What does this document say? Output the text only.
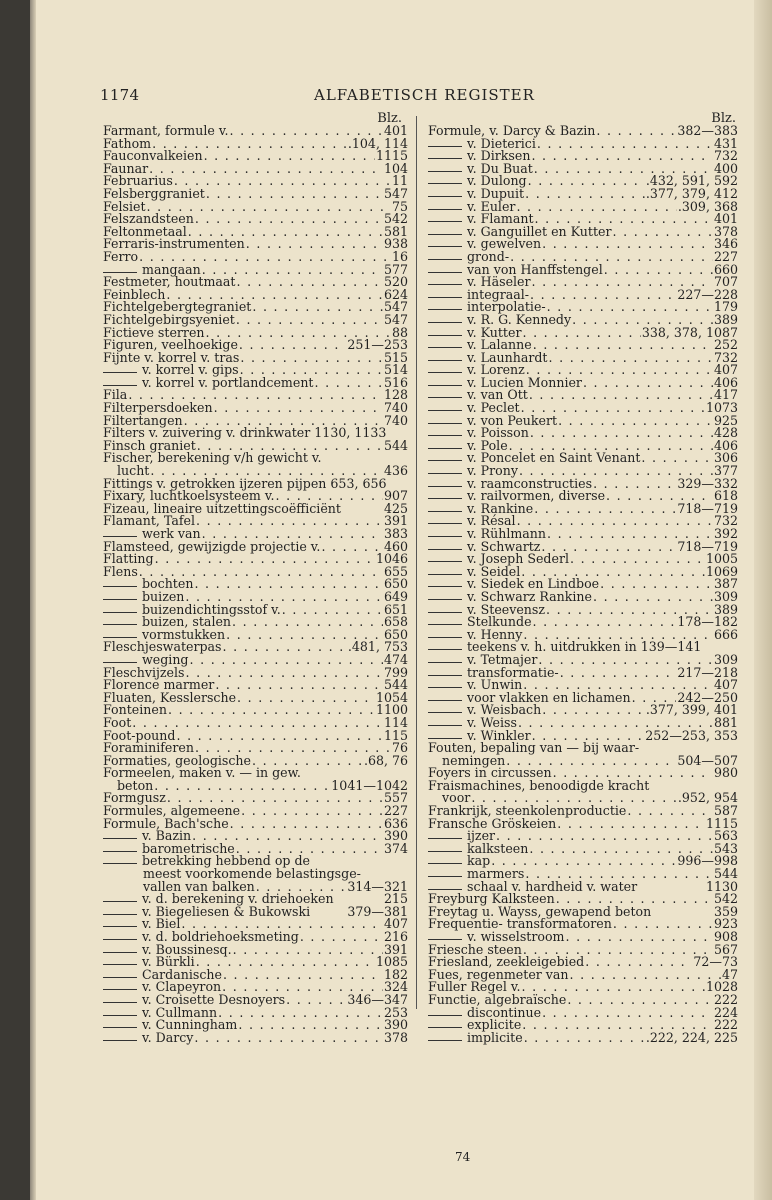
1174	ALFABETISCH REGISTER
Blz.
Farmant, formule v. . . .	401
Fathom . . .	.104, 114
Fauconvalkeien . . .	1115
Faunar . . .	104
Februarius . . .	11
Felsberggraniet . . .	547
Felsiet . . .	75
Felszandsteen . . .	542
Feltonmetaal . . .	581
Ferraris-instrumenten . . .	938
Ferro . . .	16
mangaan . . .	577
Festmeter, houtmaat . . .	520
Feinblech . . .	624
Fichtelgebergtegraniet . . .	547
Fichtelgebirgsyeniet . . .	547
Fictieve sterren . . .	88
Figuren, veelhoekige . . .	251—253
Fijnte v. korrel v. tras . . .	515
v. korrel v. gips . . .	514
v. korrel v. portlandcement . . .	516
Fila . . .	128
Filterpersdoeken . . .	740
Filtertangen . . .	740
Filters v. zuivering v. drinkwater 1130, 1133
Finsch graniet . . .	544
Fischer, berekening v/h gewicht v.
lucht . . .	436
Fittings v. getrokken ijzeren pijpen 653, 656
Fixary, luchtkoelsysteem v. . . .	907
Fizeau, lineaire uitzettingscoëfficiënt	425
Flamant, Tafel . . .	391
werk van . . .	383
Flamsteed, gewijzigde projectie v. . . .	460
Flatting . . .	1046
Flens . . .	655
bochten . . .	650
buizen . . .	649
buizendichtingsstof v. . . .	651
buizen, stalen . . .	658
vormstukken . . .	650
Fleschjeswaterpas . . .	.481, 753
weging . . .	474
Fleschvijzels . . .	799
Florence marmer . . .	544
Fluaten, Kesslersche . . .	1054
Fonteinen . . .	1100
Foot . . .	114
Foot-pound . . .	115
Foraminiferen . . .	76
Formaties, geologische . . .	.68, 76
Formeelen, maken v. — in gew.
beton . . .	1041—1042
Formgusz . . .	557
Formules, algemeene . . .	227
Formule, Bach'sche . . .	636
v. Bazin . . .	390
barometrische . . .	374
betrekking hebbend op de
meest voorkomende belastingsge-
vallen van balken . . .	314—321
v. d. berekening v. driehoeken	215
v. Biegeliesen & Bukowski	379—381
v. Biel . . .	407
v. d. boldriehoeksmeting . . .	216
v. Boussinesq. . . .	391
v. Bürkli . . .	1085
Cardanische . . .	182
v. Clapeyron . . .	324
v. Croisette Desnoyers . . .	346—347
v. Cullmann . . .	253
v. Cunningham . . .	390
v. Darcy . . .	378
Blz.
Formule, v. Darcy & Bazin . . .	382—383
v. Dieterici . . .	431
v. Dirksen . . .	732
v. Du Buat . . .	400
v. Dulong . . .	.432, 591, 592
v. Dupuit . . .	.377, 379, 412
v. Euler . . .	.309, 368
v. Flamant . . .	401
v. Ganguillet en Kutter . . .	378
v. gewelven . . .	346
grond- . . .	227
van von Hanffstengel . . .	660
v. Häseler . . .	707
integraal- . . .	227—228
interpolatie- . . .	179
v. R. G. Kennedy . . .	389
v. Kutter . . .	338, 378, 1087
v. Lalanne . . .	252
v. Launhardt . . .	732
v. Lorenz . . .	407
v. Lucien Monnier . . .	406
v. van Ott . . .	417
v. Peclet . . .	1073
v. von Peukert . . .	925
v. Poisson . . .	428
v. Pole . . .	406
v. Poncelet en Saint Venant . . .	306
v. Prony . . .	377
v. raamconstructies . . .	329—332
v. railvormen, diverse . . .	618
v. Rankine . . .	718—719
v. Résal . . .	732
v. Rühlmann . . .	392
v. Schwartz . . .	718—719
v. Joseph Sederl . . .	1005
v. Seidel . . .	1069
v. Siedek en Lindboe . . .	387
v. Schwarz Rankine . . .	309
v. Steevensz . . .	389
Stelkunde . . .	178—182
v. Henny . . .	666
teekens v. h. uitdrukken in 139—141
v. Tetmajer . . .	309
transformatie- . . .	217—218
v. Unwin . . .	407
voor vlakken en lichamen . . .	242—250
v. Weisbach . . .	.377, 399, 401
v. Weiss . . .	881
v. Winkler . . .	252—253, 353
Fouten, bepaling van — bij waar-
nemingen . . .	504—507
Foyers in circussen . . .	980
Fraismachines, benoodigde kracht
voor . . .	.952, 954
Frankrijk, steenkolenproductie . . .	587
Fransche Gröskeien . . .	1115
ijzer . . .	563
kalksteen . . .	543
kap . . .	996—998
marmers . . .	544
schaal v. hardheid v. water	1130
Freyburg Kalksteen . . .	542
Freytag u. Wayss, gewapend beton	359
Frequentie- transformatoren . . .	923
v. wisselstroom . . .	908
Friesche steen . . .	567
Friesland, zeekleigebied . . .	72—73
Fues, regenmeter van . . .	47
Fuller Regel v. . . .	1028
Functie, algebraïsche . . .	222
discontinue . . .	224
explicite . . .	222
implicite . . .	.222, 224, 225
74
